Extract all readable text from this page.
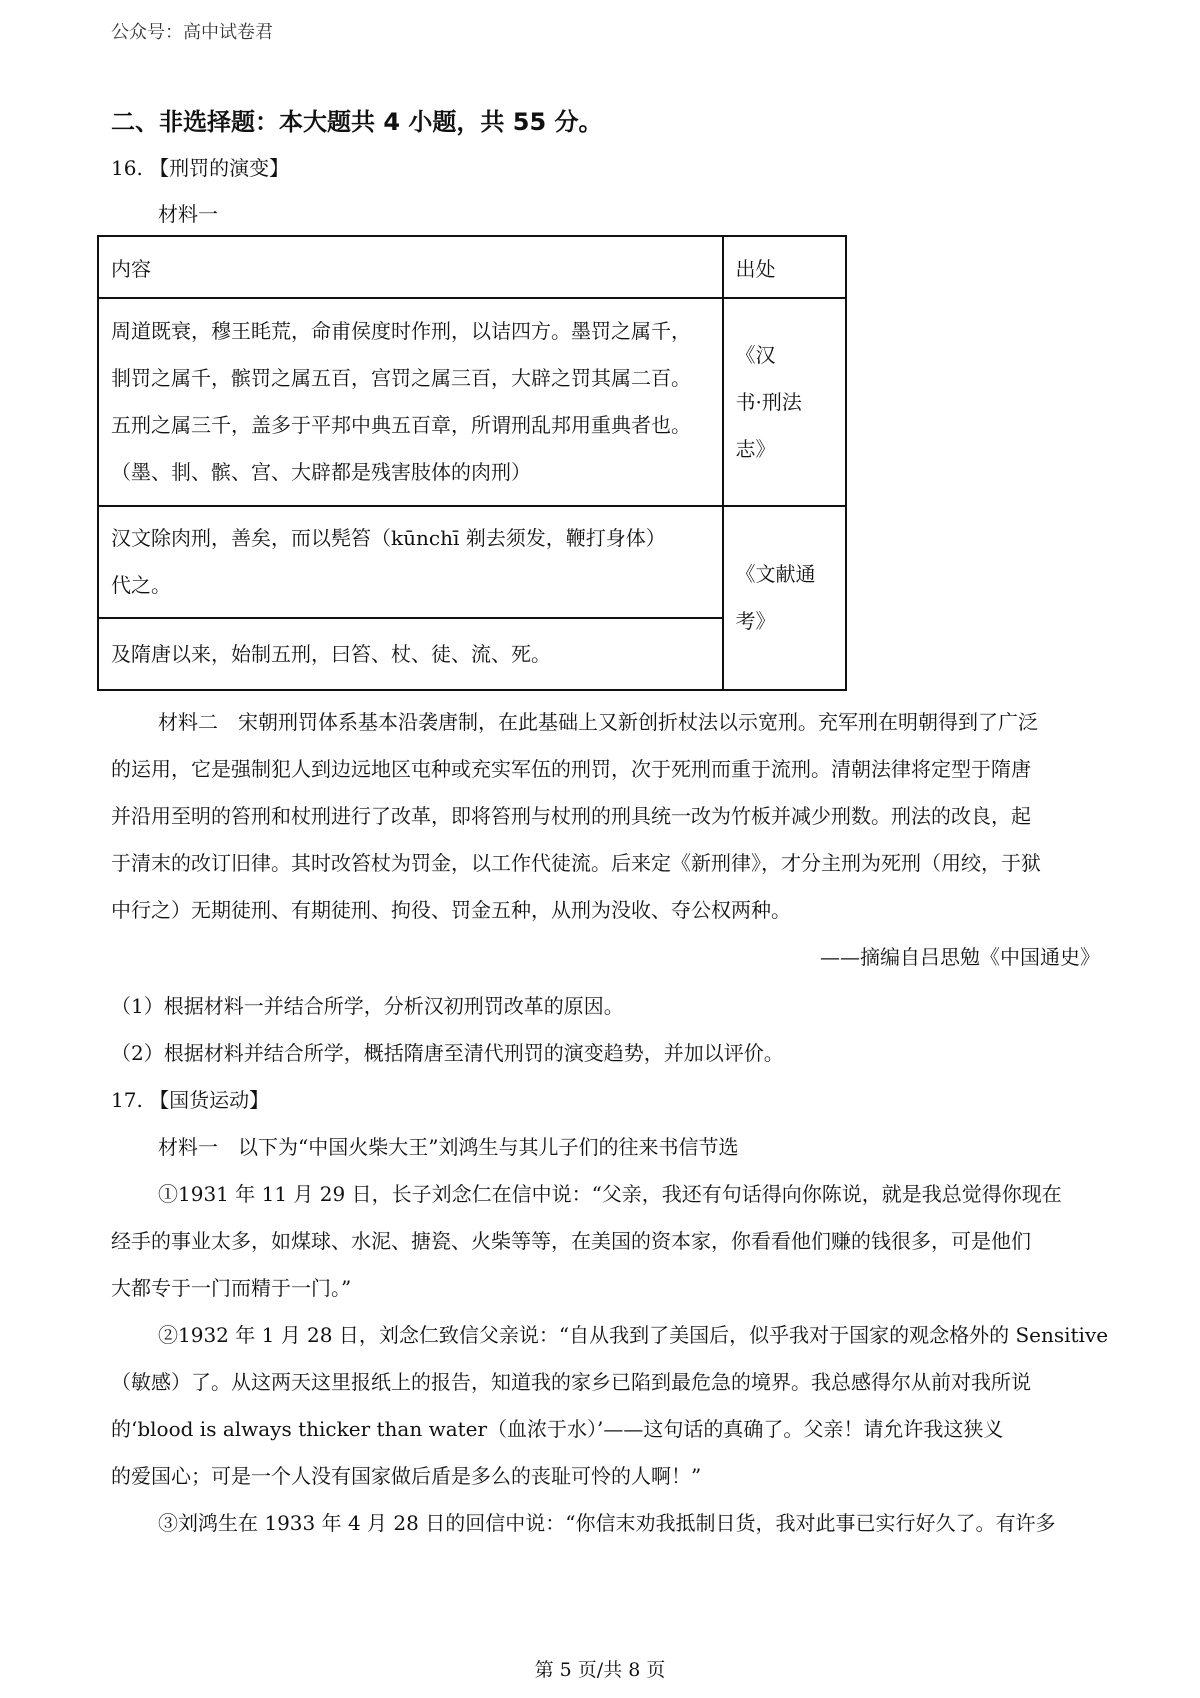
公众号：高中试卷君
二、非选择题：本大题共 4 小题，共 55 分。
16. 【刑罚的演变】
材料一
内容	出处

周道既衰，穆王眊荒，命甫侯度时作刑，以诘四方。墨罚之属千，
剕罚之属千，髌罚之属五百，宫罚之属三百，大辟之罚其属二百。
五刑之属三千，盖多于平邦中典五百章，所谓刑乱邦用重典者也。
（墨、剕、髌、宫、大辟都是残害肢体的肉刑）	《汉
书·刑法
志》

汉文除肉刑，善矣，而以髡笞（kūnchī 剃去须发，鞭打身体）
代之。	《文献通
考》

及隋唐以来，始制五刑，曰笞、杖、徒、流、死。	
材料二　宋朝刑罚体系基本沿袭唐制，在此基础上又新创折杖法以示宽刑。充军刑在明朝得到了广泛
的运用，它是强制犯人到边远地区屯种或充实军伍的刑罚，次于死刑而重于流刑。清朝法律将定型于隋唐
并沿用至明的笞刑和杖刑进行了改革，即将笞刑与杖刑的刑具统一改为竹板并减少刑数。刑法的改良，起
于清末的改订旧律。其时改笞杖为罚金，以工作代徒流。后来定《新刑律》，才分主刑为死刑（用绞，于狱
中行之）无期徒刑、有期徒刑、拘役、罚金五种，从刑为没收、夺公权两种。
——摘编自吕思勉《中国通史》
（1）根据材料一并结合所学，分析汉初刑罚改革的原因。
（2）根据材料并结合所学，概括隋唐至清代刑罚的演变趋势，并加以评价。
17. 【国货运动】
材料一　以下为“中国火柴大王”刘鸿生与其儿子们的往来书信节选
①1931 年 11 月 29 日，长子刘念仁在信中说：“父亲，我还有句话得向你陈说，就是我总觉得你现在
经手的事业太多，如煤球、水泥、搪瓷、火柴等等，在美国的资本家，你看看他们赚的钱很多，可是他们
大都专于一门而精于一门。”
②1932 年 1 月 28 日，刘念仁致信父亲说：“自从我到了美国后，似乎我对于国家的观念格外的 Sensitive
（敏感）了。从这两天这里报纸上的报告，知道我的家乡已陷到最危急的境界。我总感得尔从前对我所说
的‘blood is always thicker than water（血浓于水）’——这句话的真确了。父亲！请允许我这狭义
的爱国心；可是一个人没有国家做后盾是多么的丧耻可怜的人啊！”
③刘鸿生在 1933 年 4 月 28 日的回信中说：“你信末劝我抵制日货，我对此事已实行好久了。有许多
第 5 页/共 8 页
